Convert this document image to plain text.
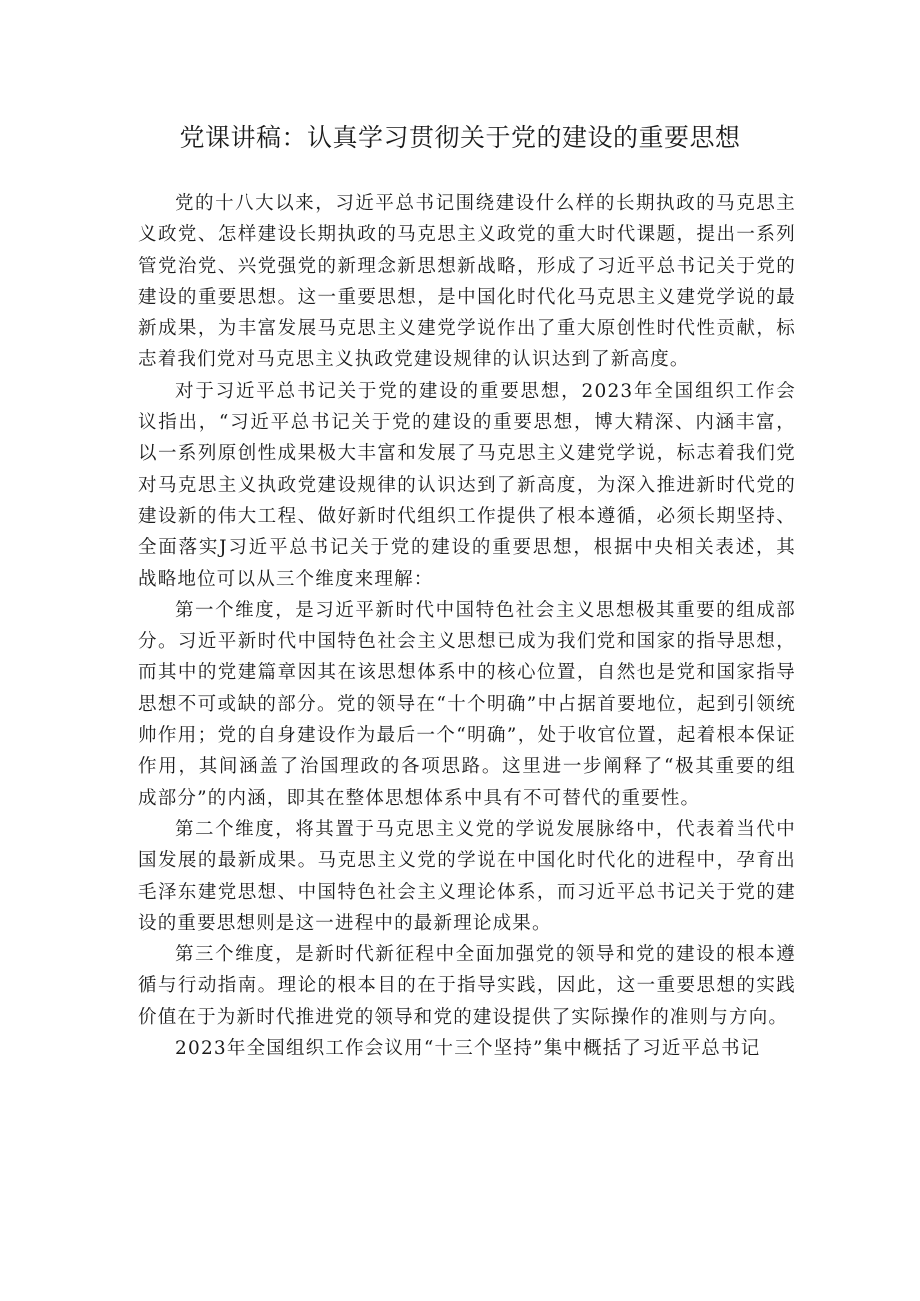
党课讲稿：认真学习贯彻关于党的建设的重要思想

党的十八大以来，习近平总书记围绕建设什么样的长期执政的马克思主义政党、怎样建设长期执政的马克思主义政党的重大时代课题，提出一系列管党治党、兴党强党的新理念新思想新战略，形成了习近平总书记关于党的建设的重要思想。这一重要思想，是中国化时代化马克思主义建党学说的最新成果，为丰富发展马克思主义建党学说作出了重大原创性时代性贡献，标志着我们党对马克思主义执政党建设规律的认识达到了新高度。

对于习近平总书记关于党的建设的重要思想，2023年全国组织工作会议指出，“习近平总书记关于党的建设的重要思想，博大精深、内涵丰富，以一系列原创性成果极大丰富和发展了马克思主义建党学说，标志着我们党对马克思主义执政党建设规律的认识达到了新高度，为深入推进新时代党的建设新的伟大工程、做好新时代组织工作提供了根本遵循，必须长期坚持、全面落实J习近平总书记关于党的建设的重要思想，根据中央相关表述，其战略地位可以从三个维度来理解：

第一个维度，是习近平新时代中国特色社会主义思想极其重要的组成部分。习近平新时代中国特色社会主义思想已成为我们党和国家的指导思想，而其中的党建篇章因其在该思想体系中的核心位置，自然也是党和国家指导思想不可或缺的部分。党的领导在“十个明确”中占据首要地位，起到引领统帅作用；党的自身建设作为最后一个“明确”，处于收官位置，起着根本保证作用，其间涵盖了治国理政的各项思路。这里进一步阐释了“极其重要的组成部分”的内涵，即其在整体思想体系中具有不可替代的重要性。

第二个维度，将其置于马克思主义党的学说发展脉络中，代表着当代中国发展的最新成果。马克思主义党的学说在中国化时代化的进程中，孕育出毛泽东建党思想、中国特色社会主义理论体系，而习近平总书记关于党的建设的重要思想则是这一进程中的最新理论成果。

第三个维度，是新时代新征程中全面加强党的领导和党的建设的根本遵循与行动指南。理论的根本目的在于指导实践，因此，这一重要思想的实践价值在于为新时代推进党的领导和党的建设提供了实际操作的准则与方向。

2023年全国组织工作会议用“十三个坚持”集中概括了习近平总书记
